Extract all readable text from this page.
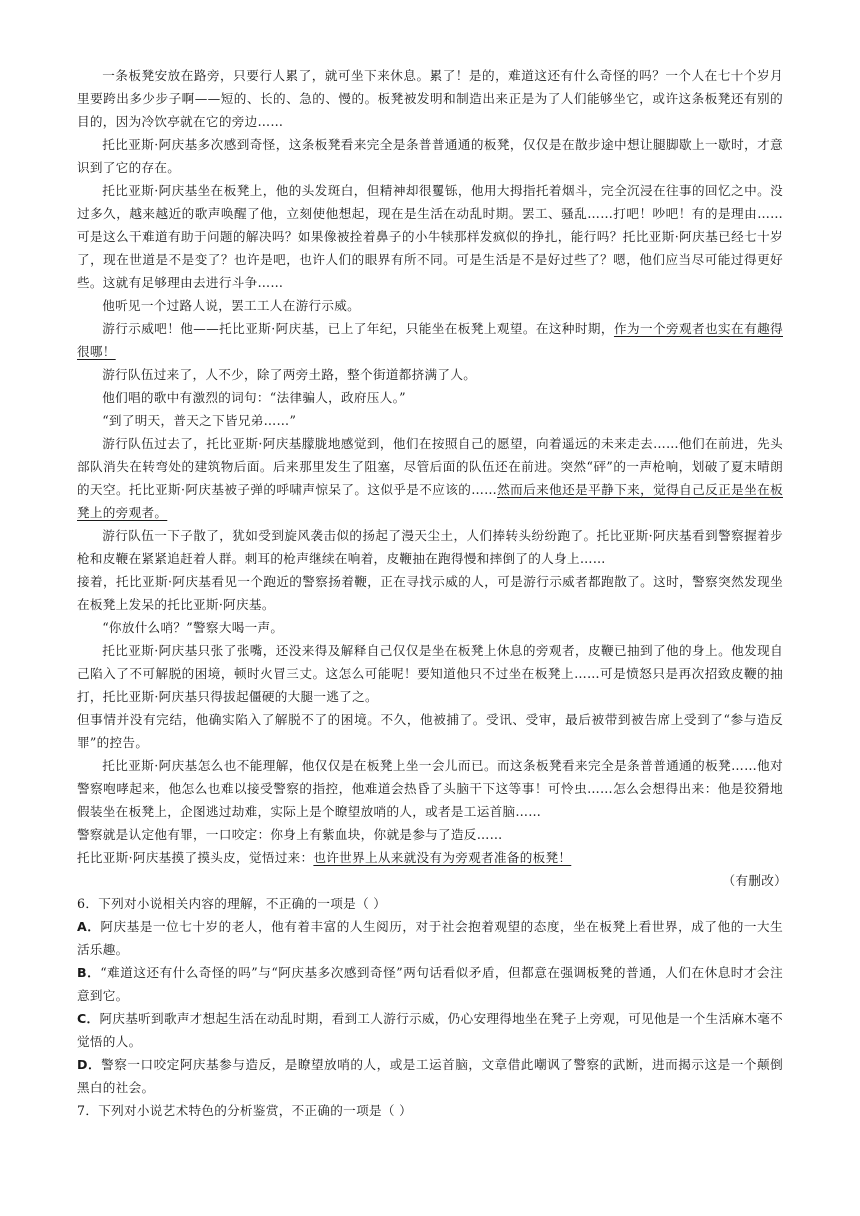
一条板凳安放在路旁，只要行人累了，就可坐下来休息。累了！是的，难道这还有什么奇怪的吗？一个人在七十个岁月里要跨出多少步子啊——短的、长的、急的、慢的。板凳被发明和制造出来正是为了人们能够坐它，或许这条板凳还有别的目的，因为冷饮亭就在它的旁边……

托比亚斯·阿庆基多次感到奇怪，这条板凳看来完全是条普普通通的板凳，仅仅是在散步途中想让腿脚歇上一歇时，才意识到了它的存在。

托比亚斯·阿庆基坐在板凳上，他的头发斑白，但精神却很矍铄，他用大拇指托着烟斗，完全沉浸在往事的回忆之中。没过多久，越来越近的歌声唤醒了他，立刻使他想起，现在是生活在动乱时期。罢工、骚乱……打吧！吵吧！有的是理由……可是这么干难道有助于问题的解决吗？如果像被拴着鼻子的小牛犊那样发疯似的挣扎，能行吗？托比亚斯·阿庆基已经七十岁了，现在世道是不是变了？也许是吧，也许人们的眼界有所不同。可是生活是不是好过些了？嗯，他们应当尽可能过得更好些。这就有足够理由去进行斗争……

他听见一个过路人说，罢工工人在游行示威。

游行示威吧！他——托比亚斯·阿庆基，已上了年纪，只能坐在板凳上观望。在这种时期，作为一个旁观者也实在有趣得很哪！

游行队伍过来了，人不少，除了两旁土路，整个街道都挤满了人。

他们唱的歌中有激烈的词句：“法律骗人，政府压人。”

“到了明天，普天之下皆兄弟……”

游行队伍过去了，托比亚斯·阿庆基朦胧地感觉到，他们在按照自己的愿望，向着遥远的未来走去……他们在前进，先头部队消失在转弯处的建筑物后面。后来那里发生了阻塞，尽管后面的队伍还在前进。突然“砰”的一声枪响，划破了夏末晴朗的天空。托比亚斯·阿庆基被子弹的呼啸声惊呆了。这似乎是不应该的……然而后来他还是平静下来，觉得自己反正是坐在板凳上的旁观者。

游行队伍一下子散了，犹如受到旋风袭击似的扬起了漫天尘土，人们捧转头纷纷跑了。托比亚斯·阿庆基看到警察握着步枪和皮鞭在紧紧追赶着人群。刺耳的枪声继续在响着，皮鞭抽在跑得慢和摔倒了的人身上……

接着，托比亚斯·阿庆基看见一个跑近的警察扬着鞭，正在寻找示威的人，可是游行示威者都跑散了。这时，警察突然发现坐在板凳上发呆的托比亚斯·阿庆基。

“你放什么哨？”警察大喝一声。

托比亚斯·阿庆基只张了张嘴，还没来得及解释自己仅仅是坐在板凳上休息的旁观者，皮鞭已抽到了他的身上。他发现自己陷入了不可解脱的困境，顿时火冒三丈。这怎么可能呢！要知道他只不过坐在板凳上……可是愤怒只是再次招致皮鞭的抽打，托比亚斯·阿庆基只得拔起僵硬的大腿一逃了之。

但事情并没有完结，他确实陷入了解脱不了的困境。不久，他被捕了。受讯、受审，最后被带到被告席上受到了“参与造反罪”的控告。

托比亚斯·阿庆基怎么也不能理解，他仅仅是在板凳上坐一会儿而已。而这条板凳看来完全是条普普通通的板凳……他对警察咆哮起来，他怎么也难以接受警察的指控，他难道会热昏了头脑干下这等事！可怜虫……怎么会想得出来：他是狡猾地假装坐在板凳上，企图逃过劫难，实际上是个瞭望放哨的人，或者是工运首脑……

警察就是认定他有罪，一口咬定：你身上有紫血块，你就是参与了造反……

托比亚斯·阿庆基摸了摸头皮，觉悟过来：也许世界上从来就没有为旁观者准备的板凳！

（有删改）

6．下列对小说相关内容的理解，不正确的一项是（ ）

A．阿庆基是一位七十岁的老人，他有着丰富的人生阅历，对于社会抱着观望的态度，坐在板凳上看世界，成了他的一大生活乐趣。

B．“难道这还有什么奇怪的吗”与“阿庆基多次感到奇怪”两句话看似矛盾，但都意在强调板凳的普通，人们在休息时才会注意到它。

C．阿庆基听到歌声才想起生活在动乱时期，看到工人游行示威，仍心安理得地坐在凳子上旁观，可见他是一个生活麻木毫不觉悟的人。

D．警察一口咬定阿庆基参与造反，是瞭望放哨的人，或是工运首脑，文章借此嘲讽了警察的武断，进而揭示这是一个颠倒黑白的社会。

7．下列对小说艺术特色的分析鉴赏，不正确的一项是（ ）
